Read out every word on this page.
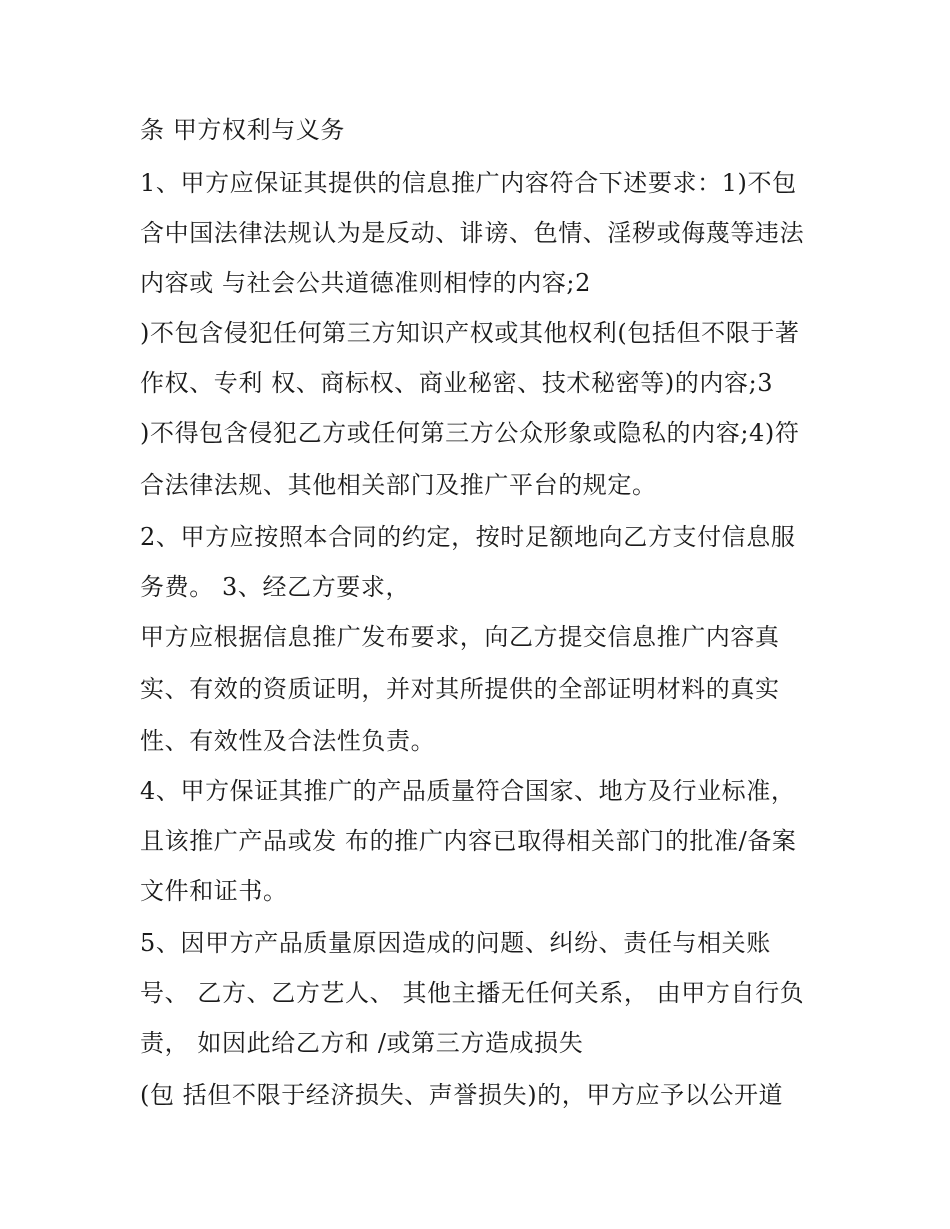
条 甲方权利与义务
1、甲方应保证其提供的信息推广内容符合下述要求：1)不包
含中国法律法规认为是反动、诽谤、色情、淫秽或侮蔑等违法
内容或 与社会公共道德准则相悖的内容;2
)不包含侵犯任何第三方知识产权或其他权利(包括但不限于著
作权、专利 权、商标权、商业秘密、技术秘密等)的内容;3
)不得包含侵犯乙方或任何第三方公众形象或隐私的内容;4)符
合法律法规、其他相关部门及推广平台的规定。
2、甲方应按照本合同的约定，按时足额地向乙方支付信息服
务费。 3、经乙方要求，
甲方应根据信息推广发布要求，向乙方提交信息推广内容真
实、有效的资质证明，并对其所提供的全部证明材料的真实
性、有效性及合法性负责。
4、甲方保证其推广的产品质量符合国家、地方及行业标准，
且该推广产品或发 布的推广内容已取得相关部门的批准/备案
文件和证书。
5、因甲方产品质量原因造成的问题、纠纷、责任与相关账
号、 乙方、乙方艺人、 其他主播无任何关系， 由甲方自行负
责， 如因此给乙方和 /或第三方造成损失
(包 括但不限于经济损失、声誉损失)的，甲方应予以公开道
